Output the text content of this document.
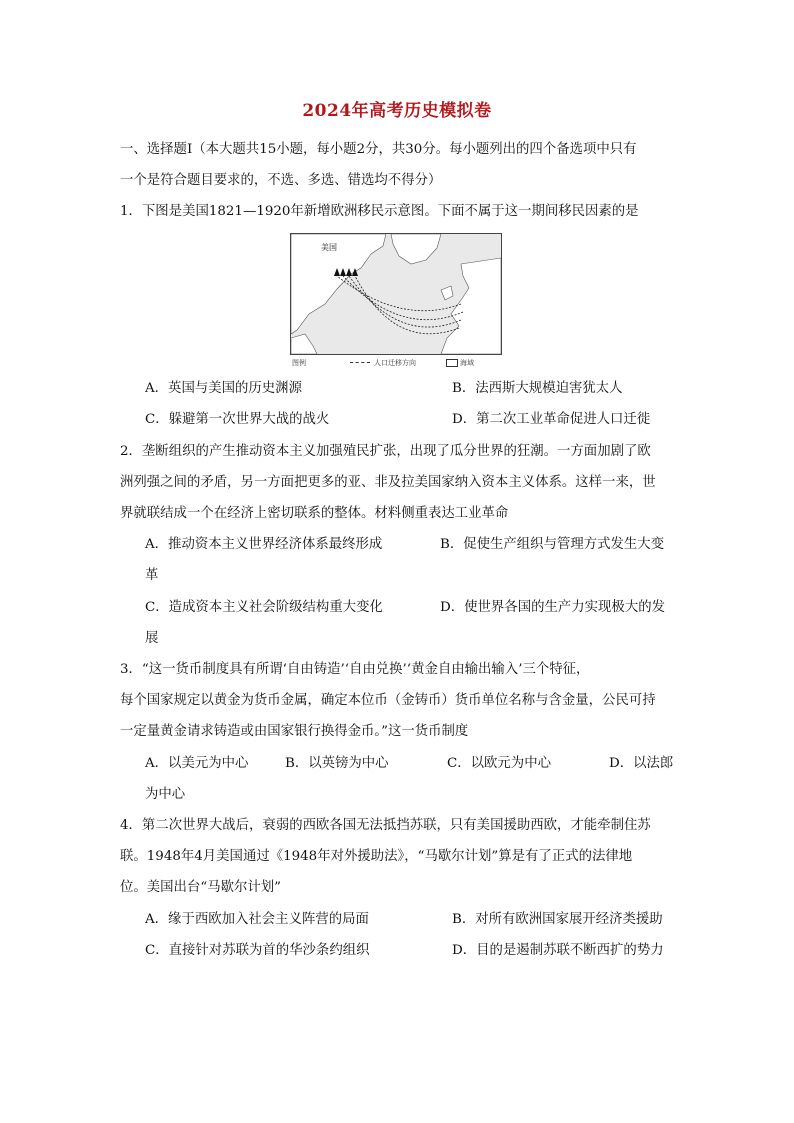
2024年高考历史模拟卷
一、选择题Ⅰ（本大题共15小题，每小题2分，共30分。每小题列出的四个备选项中只有
一个是符合题目要求的，不选、多选、错选均不得分）
1．下图是美国1821—1920年新增欧洲移民示意图。下面不属于这一期间移民因素的是
美国
图例	人口迁移方向	海域
A．英国与美国的历史渊源	B．法西斯大规模迫害犹太人
C．躲避第一次世界大战的战火	D．第二次工业革命促进人口迁徙
2．垄断组织的产生推动资本主义加强殖民扩张，出现了瓜分世界的狂潮。一方面加剧了欧
洲列强之间的矛盾，另一方面把更多的亚、非及拉美国家纳入资本主义体系。这样一来，世
界就联结成一个在经济上密切联系的整体。材料侧重表达工业革命
A．推动资本主义世界经济体系最终形成	B．促使生产组织与管理方式发生大变
革
C．造成资本主义社会阶级结构重大变化	D．使世界各国的生产力实现极大的发
展
3．“这一货币制度具有所谓‘自由铸造’‘自由兑换’‘黄金自由输出输入’三个特征，
每个国家规定以黄金为货币金属，确定本位币（金铸币）货币单位名称与含金量，公民可持
一定量黄金请求铸造或由国家银行换得金币。”这一货币制度
A．以美元为中心	B．以英镑为中心	C．以欧元为中心	D．以法郎
为中心
4．第二次世界大战后，衰弱的西欧各国无法抵挡苏联，只有美国援助西欧，才能牵制住苏
联。1948年4月美国通过《1948年对外援助法》，“马歇尔计划”算是有了正式的法律地
位。美国出台“马歇尔计划”
A．缘于西欧加入社会主义阵营的局面	B．对所有欧洲国家展开经济类援助
C．直接针对苏联为首的华沙条约组织	D．目的是遏制苏联不断西扩的势力
